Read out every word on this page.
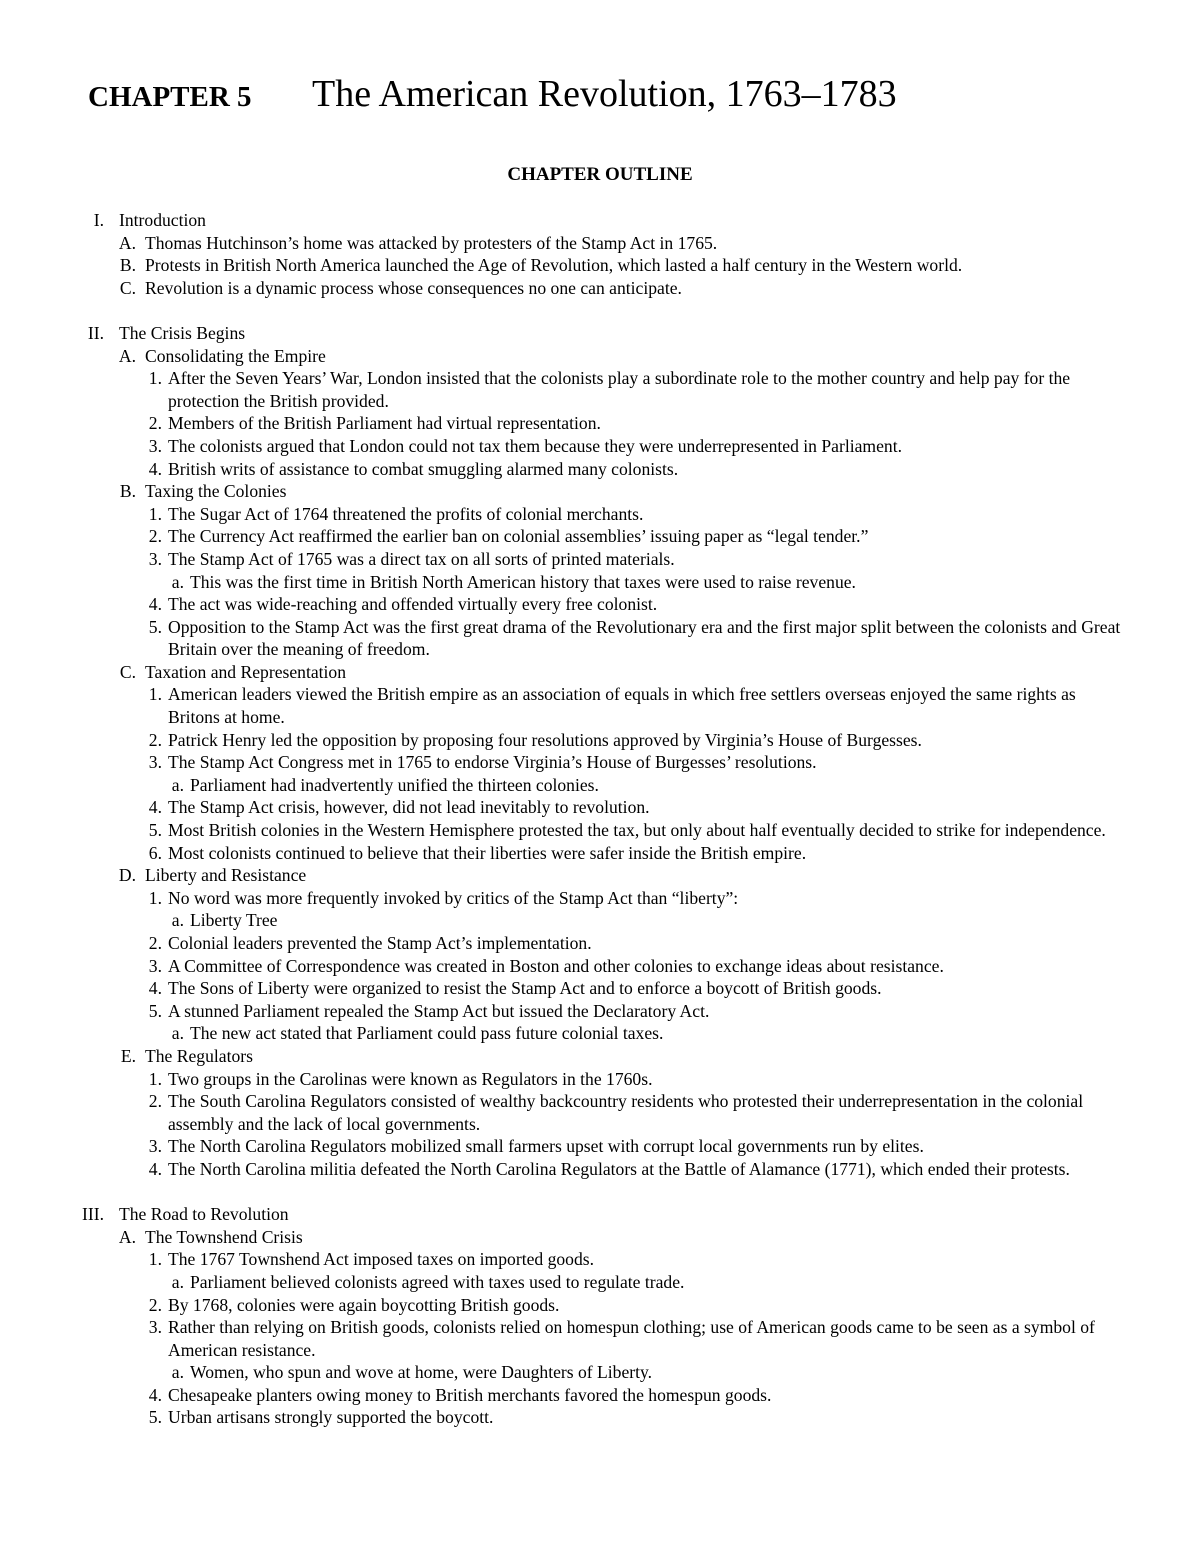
CHAPTER 5 The American Revolution, 1763–1783
CHAPTER OUTLINE
I. Introduction
A. Thomas Hutchinson’s home was attacked by protesters of the Stamp Act in 1765.
B. Protests in British North America launched the Age of Revolution, which lasted a half century in the Western world.
C. Revolution is a dynamic process whose consequences no one can anticipate.
II. The Crisis Begins
A. Consolidating the Empire
1. After the Seven Years’ War, London insisted that the colonists play a subordinate role to the mother country and help pay for the protection the British provided.
2. Members of the British Parliament had virtual representation.
3. The colonists argued that London could not tax them because they were underrepresented in Parliament.
4. British writs of assistance to combat smuggling alarmed many colonists.
B. Taxing the Colonies
1. The Sugar Act of 1764 threatened the profits of colonial merchants.
2. The Currency Act reaffirmed the earlier ban on colonial assemblies’ issuing paper as “legal tender.”
3. The Stamp Act of 1765 was a direct tax on all sorts of printed materials.
a. This was the first time in British North American history that taxes were used to raise revenue.
4. The act was wide-reaching and offended virtually every free colonist.
5. Opposition to the Stamp Act was the first great drama of the Revolutionary era and the first major split between the colonists and Great Britain over the meaning of freedom.
C. Taxation and Representation
1. American leaders viewed the British empire as an association of equals in which free settlers overseas enjoyed the same rights as Britons at home.
2. Patrick Henry led the opposition by proposing four resolutions approved by Virginia’s House of Burgesses.
3. The Stamp Act Congress met in 1765 to endorse Virginia’s House of Burgesses’ resolutions.
a. Parliament had inadvertently unified the thirteen colonies.
4. The Stamp Act crisis, however, did not lead inevitably to revolution.
5. Most British colonies in the Western Hemisphere protested the tax, but only about half eventually decided to strike for independence.
6. Most colonists continued to believe that their liberties were safer inside the British empire.
D. Liberty and Resistance
1. No word was more frequently invoked by critics of the Stamp Act than “liberty”:
a. Liberty Tree
2. Colonial leaders prevented the Stamp Act’s implementation.
3. A Committee of Correspondence was created in Boston and other colonies to exchange ideas about resistance.
4. The Sons of Liberty were organized to resist the Stamp Act and to enforce a boycott of British goods.
5. A stunned Parliament repealed the Stamp Act but issued the Declaratory Act.
a. The new act stated that Parliament could pass future colonial taxes.
E. The Regulators
1. Two groups in the Carolinas were known as Regulators in the 1760s.
2. The South Carolina Regulators consisted of wealthy backcountry residents who protested their underrepresentation in the colonial assembly and the lack of local governments.
3. The North Carolina Regulators mobilized small farmers upset with corrupt local governments run by elites.
4. The North Carolina militia defeated the North Carolina Regulators at the Battle of Alamance (1771), which ended their protests.
III. The Road to Revolution
A. The Townshend Crisis
1. The 1767 Townshend Act imposed taxes on imported goods.
a. Parliament believed colonists agreed with taxes used to regulate trade.
2. By 1768, colonies were again boycotting British goods.
3. Rather than relying on British goods, colonists relied on homespun clothing; use of American goods came to be seen as a symbol of American resistance.
a. Women, who spun and wove at home, were Daughters of Liberty.
4. Chesapeake planters owing money to British merchants favored the homespun goods.
5. Urban artisans strongly supported the boycott.
